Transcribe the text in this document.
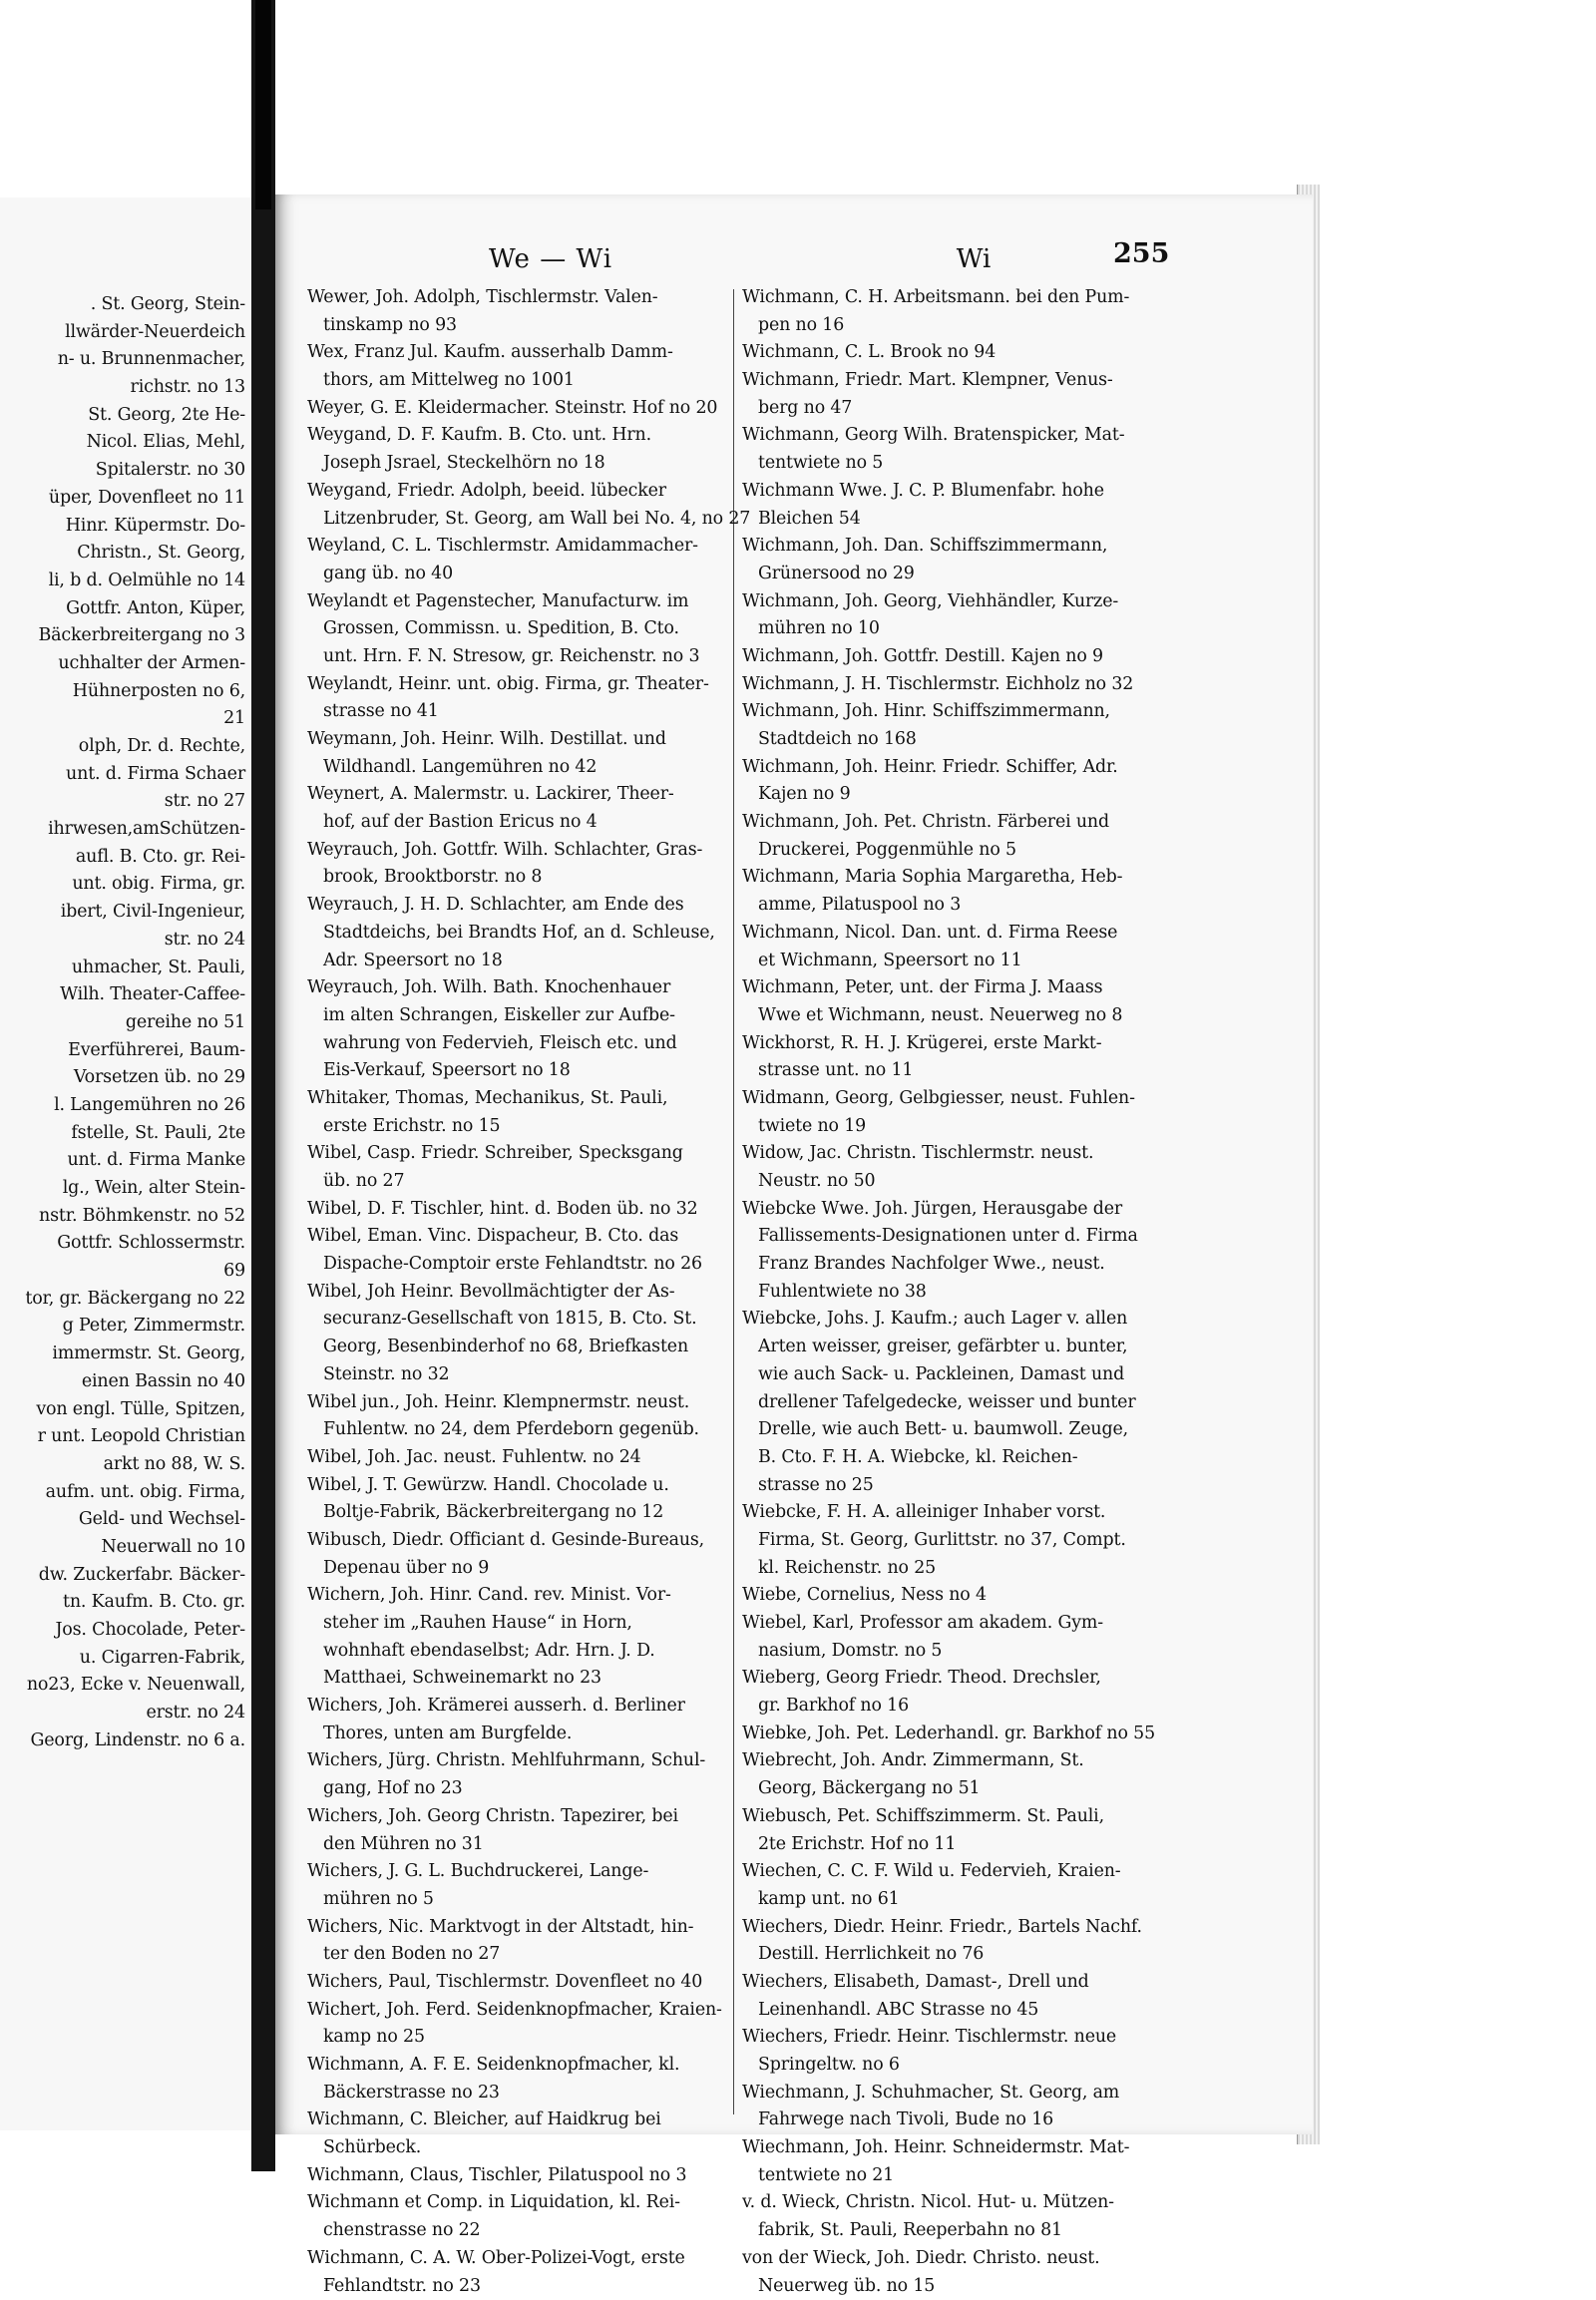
. St. Georg, Stein-
llwärder-Neuerdeich
n- u. Brunnenmacher,
richstr. no 13
St. Georg, 2te He-
Nicol. Elias, Mehl,
Spitalerstr. no 30
üper, Dovenfleet no 11
Hinr. Küpermstr. Do-
Christn., St. Georg,
li, b d. Oelmühle no 14
Gottfr. Anton, Küper,
Bäckerbreitergang no 3
uchhalter der Armen-
Hühnerposten no 6,
21
olph, Dr. d. Rechte,
unt. d. Firma Schaer
str. no 27
ihrwesen,amSchützen-
aufl. B. Cto. gr. Rei-
unt. obig. Firma, gr.
ibert, Civil-Ingenieur,
str. no 24
uhmacher, St. Pauli,
Wilh. Theater-Caffee-
gereihe no 51
Everführerei, Baum-
Vorsetzen üb. no 29
l. Langemühren no 26
fstelle, St. Pauli, 2te
unt. d. Firma Manke
lg., Wein, alter Stein-
nstr. Böhmkenstr. no 52
Gottfr. Schlossermstr.
69
tor, gr. Bäckergang no 22
g Peter, Zimmermstr.
immermstr. St. Georg,
einen Bassin no 40
von engl. Tülle, Spitzen,
r unt. Leopold Christian
arkt no 88, W. S.
aufm. unt. obig. Firma,
Geld- und Wechsel-
Neuerwall no 10
dw. Zuckerfabr. Bäcker-
tn. Kaufm. B. Cto. gr.
Jos. Chocolade, Peter-
u. Cigarren-Fabrik,
no23, Ecke v. Neuenwall,
erstr. no 24
Georg, Lindenstr. no 6 a.
We — Wi	Wi	255
Wewer, Joh. Adolph, Tischlermstr. Valen-
tinskamp no 93
Wex, Franz Jul. Kaufm. ausserhalb Damm-
thors, am Mittelweg no 1001
Weyer, G. E. Kleidermacher. Steinstr. Hof no 20
Weygand, D. F. Kaufm. B. Cto. unt. Hrn.
Joseph Jsrael, Steckelhörn no 18
Weygand, Friedr. Adolph, beeid. lübecker
Litzenbruder, St. Georg, am Wall bei No. 4, no 27
Weyland, C. L. Tischlermstr. Amidammacher-
gang üb. no 40
Weylandt et Pagenstecher, Manufacturw. im
Grossen, Commissn. u. Spedition, B. Cto.
unt. Hrn. F. N. Stresow, gr. Reichenstr. no 3
Weylandt, Heinr. unt. obig. Firma, gr. Theater-
strasse no 41
Weymann, Joh. Heinr. Wilh. Destillat. und
Wildhandl. Langemühren no 42
Weynert, A. Malermstr. u. Lackirer, Theer-
hof, auf der Bastion Ericus no 4
Weyrauch, Joh. Gottfr. Wilh. Schlachter, Gras-
brook, Brooktborstr. no 8
Weyrauch, J. H. D. Schlachter, am Ende des
Stadtdeichs, bei Brandts Hof, an d. Schleuse,
Adr. Speersort no 18
Weyrauch, Joh. Wilh. Bath. Knochenhauer
im alten Schrangen, Eiskeller zur Aufbe-
wahrung von Federvieh, Fleisch etc. und
Eis-Verkauf, Speersort no 18
Whitaker, Thomas, Mechanikus, St. Pauli,
erste Erichstr. no 15
Wibel, Casp. Friedr. Schreiber, Specksgang
üb. no 27
Wibel, D. F. Tischler, hint. d. Boden üb. no 32
Wibel, Eman. Vinc. Dispacheur, B. Cto. das
Dispache-Comptoir erste Fehlandtstr. no 26
Wibel, Joh Heinr. Bevollmächtigter der As-
securanz-Gesellschaft von 1815, B. Cto. St.
Georg, Besenbinderhof no 68, Briefkasten
Steinstr. no 32
Wibel jun., Joh. Heinr. Klempnermstr. neust.
Fuhlentw. no 24, dem Pferdeborn gegenüb.
Wibel, Joh. Jac. neust. Fuhlentw. no 24
Wibel, J. T. Gewürzw. Handl. Chocolade u.
Boltje-Fabrik, Bäckerbreitergang no 12
Wibusch, Diedr. Officiant d. Gesinde-Bureaus,
Depenau über no 9
Wichern, Joh. Hinr. Cand. rev. Minist. Vor-
steher im „Rauhen Hause“ in Horn,
wohnhaft ebendaselbst; Adr. Hrn. J. D.
Matthaei, Schweinemarkt no 23
Wichers, Joh. Krämerei ausserh. d. Berliner
Thores, unten am Burgfelde.
Wichers, Jürg. Christn. Mehlfuhrmann, Schul-
gang, Hof no 23
Wichers, Joh. Georg Christn. Tapezirer, bei
den Mühren no 31
Wichers, J. G. L. Buchdruckerei, Lange-
mühren no 5
Wichers, Nic. Marktvogt in der Altstadt, hin-
ter den Boden no 27
Wichers, Paul, Tischlermstr. Dovenfleet no 40
Wichert, Joh. Ferd. Seidenknopfmacher, Kraien-
kamp no 25
Wichmann, A. F. E. Seidenknopfmacher, kl.
Bäckerstrasse no 23
Wichmann, C. Bleicher, auf Haidkrug bei
Schürbeck.
Wichmann, Claus, Tischler, Pilatuspool no 3
Wichmann et Comp. in Liquidation, kl. Rei-
chenstrasse no 22
Wichmann, C. A. W. Ober-Polizei-Vogt, erste
Fehlandtstr. no 23
Wichmann, C. H. Arbeitsmann. bei den Pum-
pen no 16
Wichmann, C. L. Brook no 94
Wichmann, Friedr. Mart. Klempner, Venus-
berg no 47
Wichmann, Georg Wilh. Bratenspicker, Mat-
tentwiete no 5
Wichmann Wwe. J. C. P. Blumenfabr. hohe
Bleichen 54
Wichmann, Joh. Dan. Schiffszimmermann,
Grünersood no 29
Wichmann, Joh. Georg, Viehhändler, Kurze-
mühren no 10
Wichmann, Joh. Gottfr. Destill. Kajen no 9
Wichmann, J. H. Tischlermstr. Eichholz no 32
Wichmann, Joh. Hinr. Schiffszimmermann,
Stadtdeich no 168
Wichmann, Joh. Heinr. Friedr. Schiffer, Adr.
Kajen no 9
Wichmann, Joh. Pet. Christn. Färberei und
Druckerei, Poggenmühle no 5
Wichmann, Maria Sophia Margaretha, Heb-
amme, Pilatuspool no 3
Wichmann, Nicol. Dan. unt. d. Firma Reese
et Wichmann, Speersort no 11
Wichmann, Peter, unt. der Firma J. Maass
Wwe et Wichmann, neust. Neuerweg no 8
Wickhorst, R. H. J. Krügerei, erste Markt-
strasse unt. no 11
Widmann, Georg, Gelbgiesser, neust. Fuhlen-
twiete no 19
Widow, Jac. Christn. Tischlermstr. neust.
Neustr. no 50
Wiebcke Wwe. Joh. Jürgen, Herausgabe der
Fallissements-Designationen unter d. Firma
Franz Brandes Nachfolger Wwe., neust.
Fuhlentwiete no 38
Wiebcke, Johs. J. Kaufm.; auch Lager v. allen
Arten weisser, greiser, gefärbter u. bunter,
wie auch Sack- u. Packleinen, Damast und
drellener Tafelgedecke, weisser und bunter
Drelle, wie auch Bett- u. baumwoll. Zeuge,
B. Cto. F. H. A. Wiebcke, kl. Reichen-
strasse no 25
Wiebcke, F. H. A. alleiniger Inhaber vorst.
Firma, St. Georg, Gurlittstr. no 37, Compt.
kl. Reichenstr. no 25
Wiebe, Cornelius, Ness no 4
Wiebel, Karl, Professor am akadem. Gym-
nasium, Domstr. no 5
Wieberg, Georg Friedr. Theod. Drechsler,
gr. Barkhof no 16
Wiebke, Joh. Pet. Lederhandl. gr. Barkhof no 55
Wiebrecht, Joh. Andr. Zimmermann, St.
Georg, Bäckergang no 51
Wiebusch, Pet. Schiffszimmerm. St. Pauli,
2te Erichstr. Hof no 11
Wiechen, C. C. F. Wild u. Federvieh, Kraien-
kamp unt. no 61
Wiechers, Diedr. Heinr. Friedr., Bartels Nachf.
Destill. Herrlichkeit no 76
Wiechers, Elisabeth, Damast-, Drell und
Leinenhandl. ABC Strasse no 45
Wiechers, Friedr. Heinr. Tischlermstr. neue
Springeltw. no 6
Wiechmann, J. Schuhmacher, St. Georg, am
Fahrwege nach Tivoli, Bude no 16
Wiechmann, Joh. Heinr. Schneidermstr. Mat-
tentwiete no 21
v. d. Wieck, Christn. Nicol. Hut- u. Mützen-
fabrik, St. Pauli, Reeperbahn no 81
von der Wieck, Joh. Diedr. Christo. neust.
Neuerweg üb. no 15
